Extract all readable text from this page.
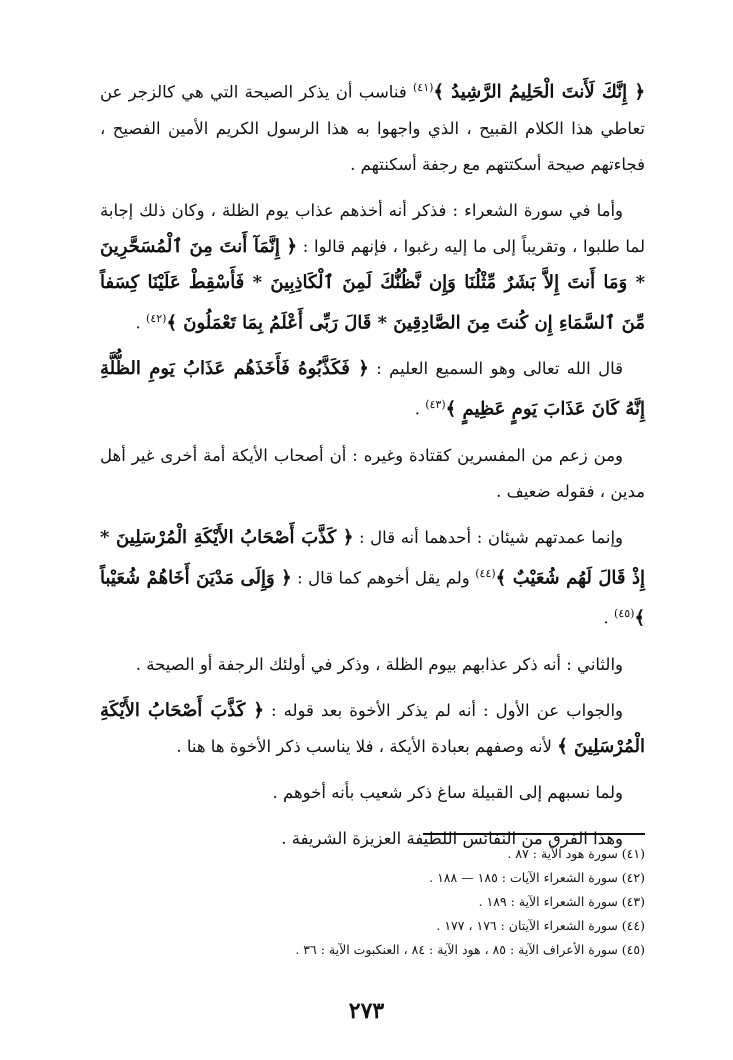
﴿ إِنَّكَ لَأَنتَ الْحَلِيمُ الرَّشِيدُ ﴾$^{(٤١)}$ فناسب أن يذكر الصيحة التي هي كالزجر عن تعاطي هذا الكلام القبيح ، الذي واجهوا به هذا الرسول الكريم الأمين الفصيح ، فجاءتهم صيحة أسكتتهم مع رجفة أسكنتهم .

وأما في سورة الشعراء : فذكر أنه أخذهم عذاب يوم الظلة ، وكان ذلك إجابة لما طلبوا ، وتقريباً إلى ما إليه رغبوا ، فإنهم قالوا : ﴿ إِنَّمَآ أَنتَ مِنَ ٱلْمُسَحَّرِينَ * وَمَا أَنتَ إِلاَّ بَشَرٌ مِّثْلُنَا وَإِن نَّظُنُّكَ لَمِنَ ٱلْكَاذِبِينَ * فَأَسْقِطْ عَلَيْنَا كِسَفاً مِّنَ ٱلسَّمَاءِ إِن كُنتَ مِنَ الصَّادِقِينَ * قَالَ رَبِّى أَعْلَمُ بِمَا تَعْمَلُونَ ﴾$^{(٤٢)}$ .

قال الله تعالى وهو السميع العليم : ﴿ فَكَذَّبُوهُ فَأَخَذَهُم عَذَابُ يَومِ الظُّلَّةِ إِنَّهُ كَانَ عَذَابَ يَومٍ عَظِيمٍ ﴾$^{(٤٣)}$ .

ومن زعم من المفسرين كقتادة وغيره : أن أصحاب الأيكة أمة أخرى غير أهل مدين ، فقوله ضعيف .

وإنما عمدتهم شيئان : أحدهما أنه قال : ﴿ كَذَّبَ أَصْحَابُ الأَيْكَةِ الْمُرْسَلِينَ * إِذْ قَالَ لَهُم شُعَيْبٌ ﴾$^{(٤٤)}$ ولم يقل أخوهم كما قال : ﴿ وَإِلَى مَدْيَنَ أَخَاهُمْ شُعَيْباً ﴾$^{(٤٥)}$ .

والثاني : أنه ذكر عذابهم بيوم الظلة ، وذكر في أولئك الرجفة أو الصيحة .

والجواب عن الأول : أنه لم يذكر الأخوة بعد قوله : ﴿ كَذَّبَ أَصْحَابُ الأَيْكَةِ الْمُرْسَلِينَ ﴾ لأنه وصفهم بعبادة الأيكة ، فلا يناسب ذكر الأخوة ها هنا .

ولما نسبهم إلى القبيلة ساغ ذكر شعيب بأنه أخوهم .

وهذا الفرق من النفائس اللطيفة العزيزة الشريفة .

(٤١) سورة هود الآية : ٨٧ .

(٤٢) سورة الشعراء الآيات : ١٨٥ — ١٨٨ .

(٤٣) سورة الشعراء الآية : ١٨٩ .

(٤٤) سورة الشعراء الآيتان : ١٧٦ ، ١٧٧ .

(٤٥) سورة الأعراف الآية : ٨٥ ، هود الآية : ٨٤ ، العنكبوت الآية : ٣٦ .

٢٧٣
